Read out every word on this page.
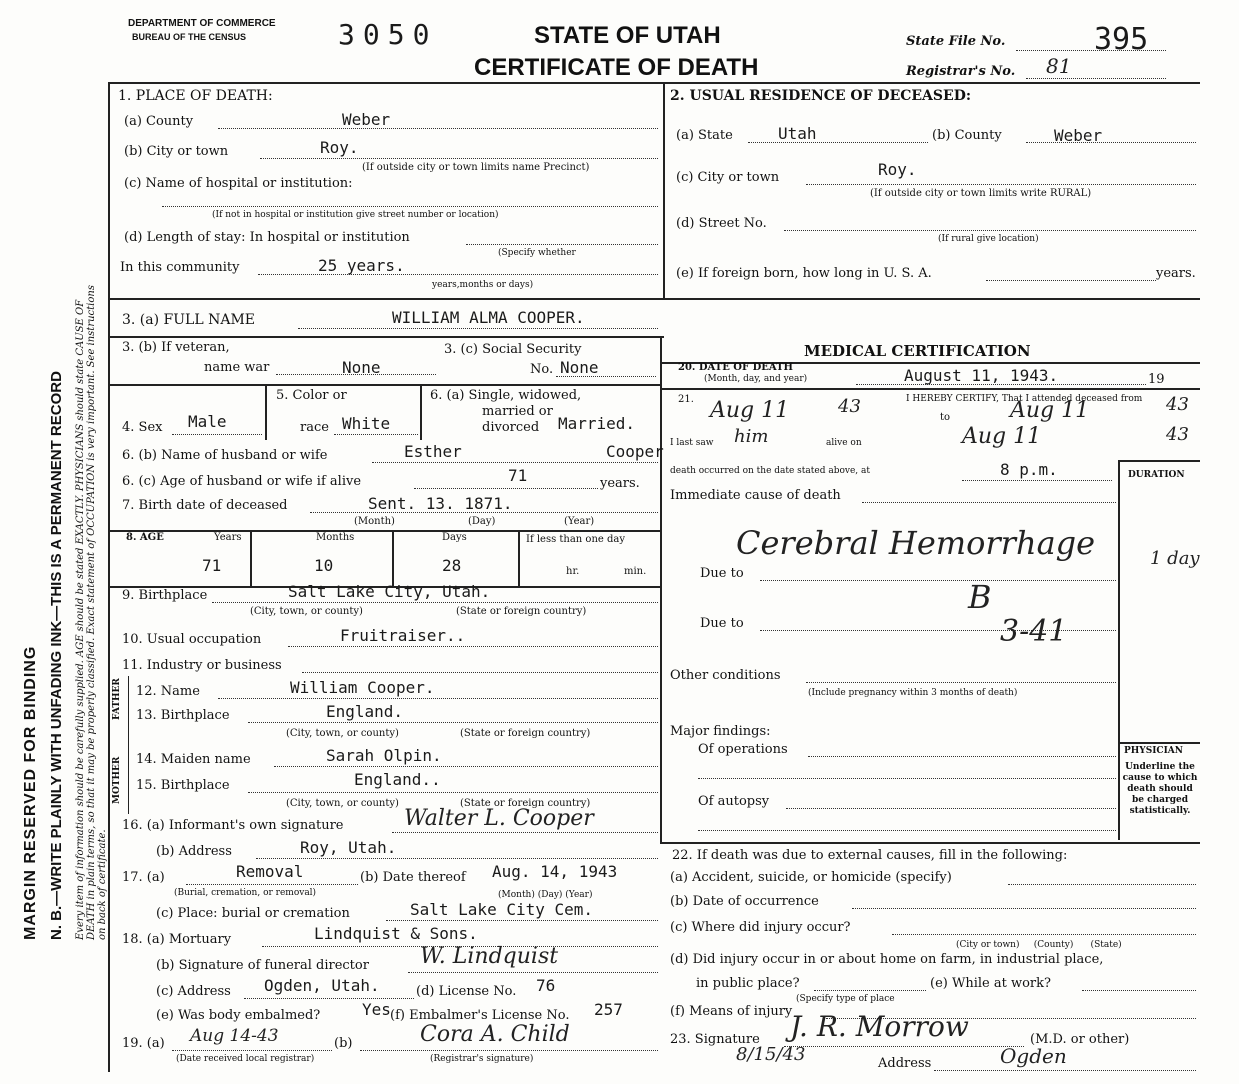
MARGIN RESERVED FOR BINDING N. B.—WRITE PLAINLY WITH UNFADING INK—THIS IS A PERMANENT RECORD Every item of information should be carefully supplied. AGE should be stated EXACTLY. PHYSICIANS should state CAUSE OF DEATH in plain terms, so that it may be properly classified. Exact statement of OCCUPATION is very important. See instructions on back of certificate.
DEPARTMENT OF COMMERCE
BUREAU OF THE CENSUS	3050	STATE OF UTAH
CERTIFICATE OF DEATH
State File No.	395
Registrar's No. 81
1. PLACE OF DEATH:
(a) County	Weber
(b) City or town	Roy.
(If outside city or town limits name Precinct)
(c) Name of hospital or institution:
(If not in hospital or institution give street number or location)
(d) Length of stay: In hospital or institution
(Specify whether
In this community	25 years.
years,months or days)
2. USUAL RESIDENCE OF DECEASED:
(a) State	Utah	(b) County	Weber
(c) City or town	Roy.
(If outside city or town limits write RURAL)
(d) Street No.
(If rural give location)
(e) If foreign born, how long in U. S. A.	years.
3. (a) FULL NAME	WILLIAM ALMA COOPER.
3. (b) If veteran,
name war	None
3. (c) Social Security
No. None
4. Sex Male
5. Color or
race White
6. (a) Single, widowed,
married or
divorced Married.
6. (b) Name of husband or wife	Esther	Cooper
6. (c) Age of husband or wife if alive	71	years.
7. Birth date of deceased	Sent. 13. 1871.
(Month)	(Day)	(Year)
8. AGE	Years	Months	Days	If less than one day
71	10	28	hr.	min.
9. Birthplace	Salt Lake City, Utah.
(City, town, or county)	(State or foreign country)
10. Usual occupation	Fruitraiser..
11. Industry or business
FATHER
MOTHER
12. Name	William Cooper.
13. Birthplace	England.
(City, town, or county)	(State or foreign country)
14. Maiden name	Sarah Olpin.
15. Birthplace	England..
(City, town, or county)	(State or foreign country)
16. (a) Informant's own signature	Walter L. Cooper
(b) Address	Roy, Utah.
17. (a)	Removal
(Burial, cremation, or removal)
(b) Date thereof Aug. 14, 1943
(Month) (Day) (Year)
(c) Place: burial or cremation	Salt Lake City Cem.
18. (a) Mortuary	Lindquist & Sons.
(b) Signature of funeral director W. Lindquist
(c) Address Ogden, Utah.	(d) License No. 76
(e) Was body embalmed?	Yes (f) Embalmer's License No. 257
19. (a) Aug 14-43
(Date received local registrar)
(b)	Cora A. Child
(Registrar's signature)
MEDICAL CERTIFICATION
20. DATE OF DEATH
(Month, day, and year)	August 11, 1943.	19
21.	I HEREBY CERTIFY, That I attended deceased from
Aug 11	43
to	Aug 11	43
I last saw him	alive on	Aug 11	43
death occurred on the date stated above, at	8 p.m.	DURATION
Immediate cause of death
Cerebral Hemorrhage	1 day
Due to
B
Due to	3-41
Other conditions
(Include pregnancy within 3 months of death)
Major findings:
Of operations
Of autopsy
PHYSICIAN
Underline the cause to which death should be charged statistically.
22. If death was due to external causes, fill in the following:
(a) Accident, suicide, or homicide (specify)
(b) Date of occurrence
(c) Where did injury occur?
(City or town)     (County)      (State)
(d) Did injury occur in or about home on farm, in industrial place,
in public place?
(Specify type of place
(e) While at work?
(f) Means of injury
23. Signature J. R. Morrow	(M.D. or other)
8/15/43	Address	Ogden
